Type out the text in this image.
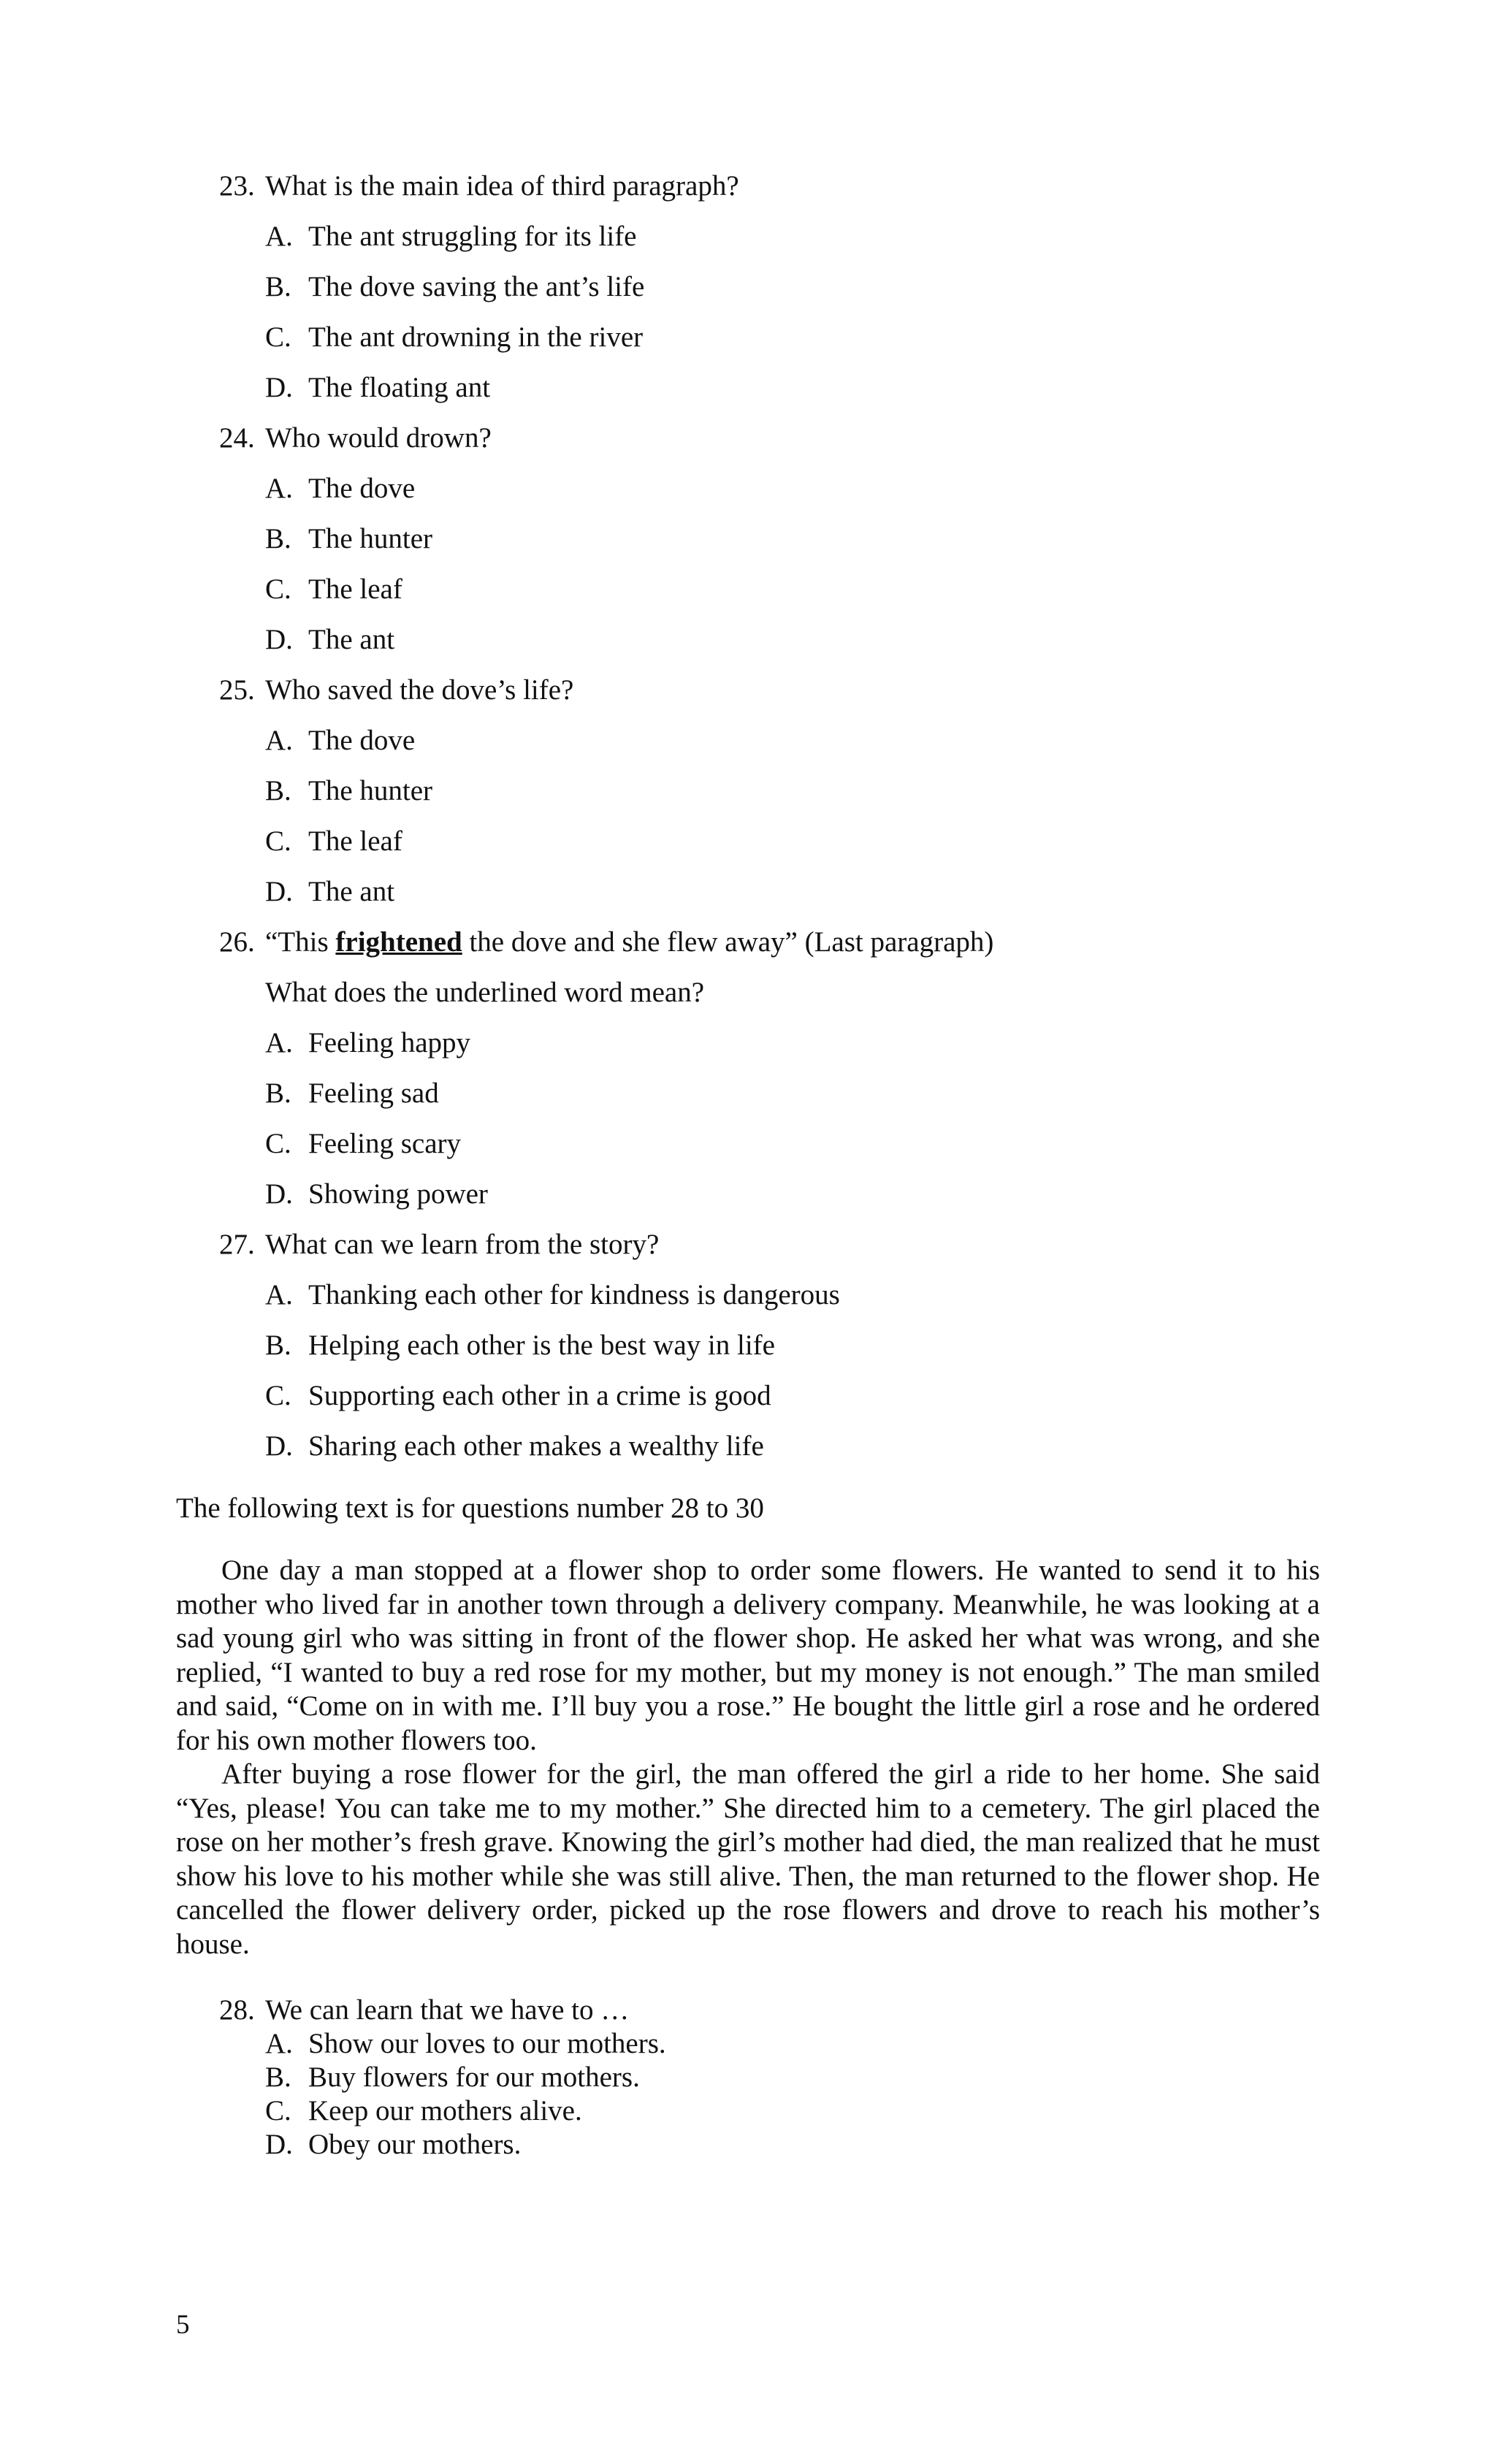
23. What is the main idea of third paragraph?
A. The ant struggling for its life
B. The dove saving the ant’s life
C. The ant drowning in the river
D. The floating ant
24. Who would drown?
A. The dove
B. The hunter
C. The leaf
D. The ant
25. Who saved the dove’s life?
A. The dove
B. The hunter
C. The leaf
D. The ant
26. “This frightened the dove and she flew away” (Last paragraph)
What does the underlined word mean?
A. Feeling happy
B. Feeling sad
C. Feeling scary
D. Showing power
27. What can we learn from the story?
A. Thanking each other for kindness is dangerous
B. Helping each other is the best way in life
C. Supporting each other in a crime is good
D. Sharing each other makes a wealthy life
The following text is for questions number 28 to 30

One day a man stopped at a flower shop to order some flowers. He wanted to send it to his mother who lived far in another town through a delivery company. Meanwhile, he was looking at a sad young girl who was sitting in front of the flower shop. He asked her what was wrong, and she replied, “I wanted to buy a red rose for my mother, but my money is not enough.” The man smiled and said, “Come on in with me. I’ll buy you a rose.” He bought the little girl a rose and he ordered for his own mother flowers too.

After buying a rose flower for the girl, the man offered the girl a ride to her home. She said “Yes, please! You can take me to my mother.” She directed him to a cemetery. The girl placed the rose on her mother’s fresh grave. Knowing the girl’s mother had died, the man realized that he must show his love to his mother while she was still alive. Then, the man returned to the flower shop. He cancelled the flower delivery order, picked up the rose flowers and drove to reach his mother’s house.

28. We can learn that we have to …
A. Show our loves to our mothers.
B. Buy flowers for our mothers.
C. Keep our mothers alive.
D. Obey our mothers.
5
